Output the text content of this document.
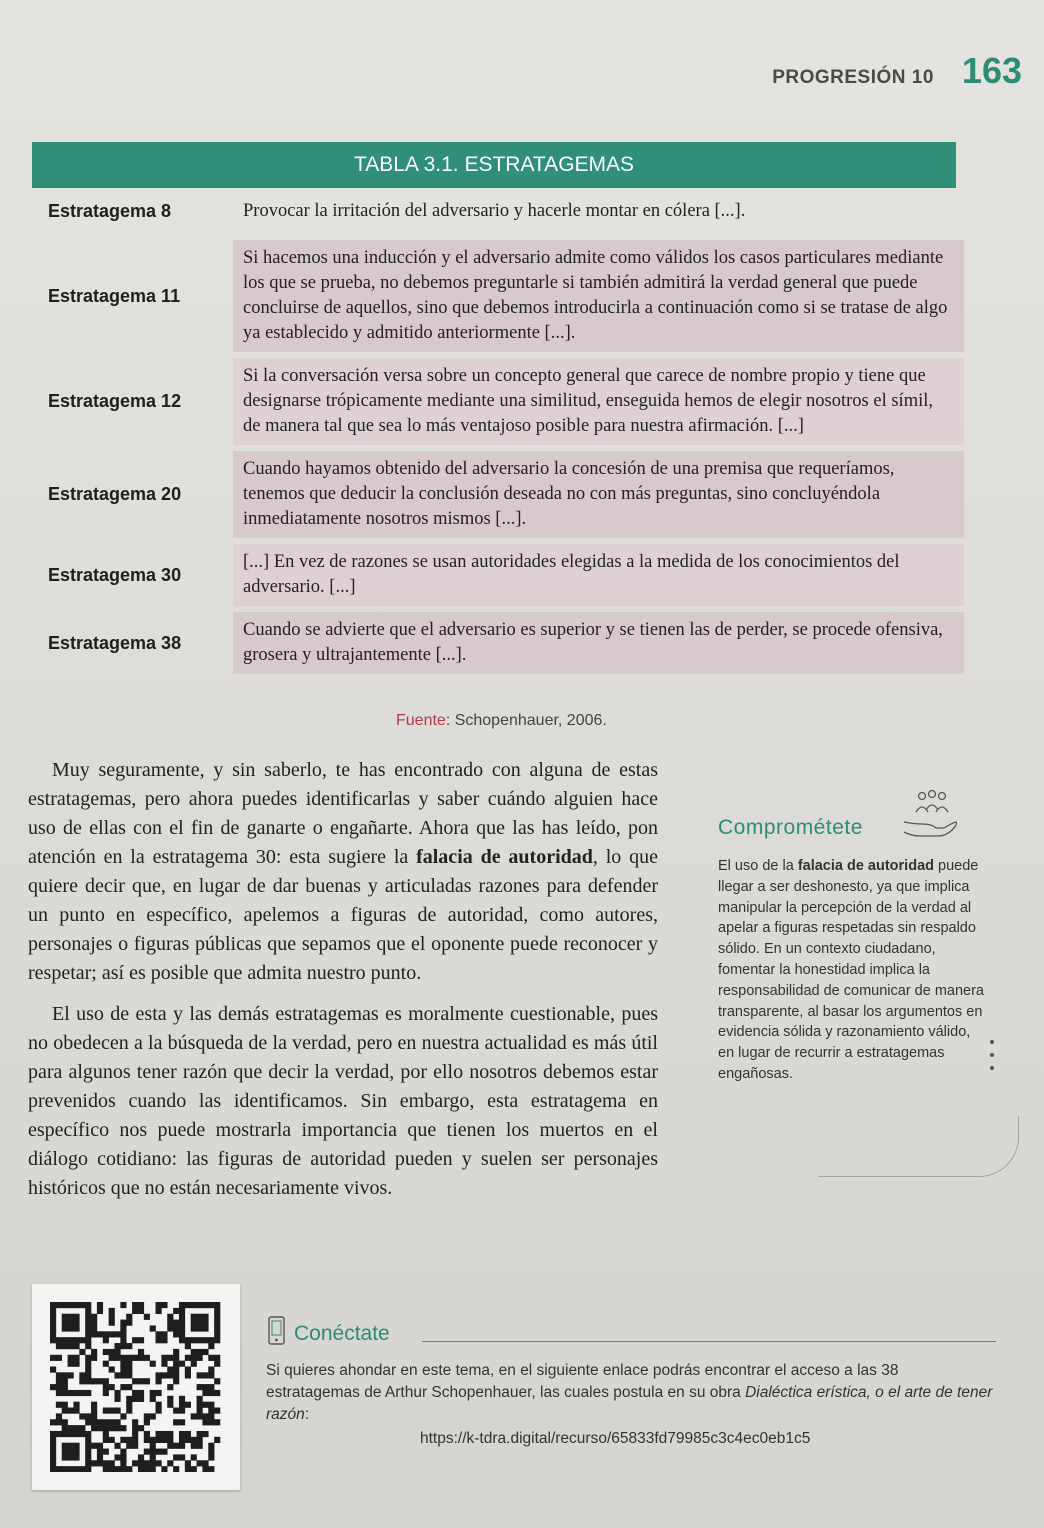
PROGRESIÓN 10 163
TABLA 3.1. ESTRATAGEMAS
Estratagema 8	Provocar la irritación del adversario y hacerle montar en cólera [...].
Estratagema 11
Si hacemos una inducción y el adversario admite como válidos los casos particulares mediante los que se prueba, no debemos preguntarle si también admitirá la verdad general que puede concluirse de aquellos, sino que debemos introducirla a continuación como si se tratase de algo ya establecido y admitido anteriormente [...].
Estratagema 12
Si la conversación versa sobre un concepto general que carece de nombre propio y tiene que designarse trópicamente mediante una similitud, enseguida hemos de elegir nosotros el símil, de manera tal que sea lo más ventajoso posible para nuestra afirmación. [...]
Estratagema 20
Cuando hayamos obtenido del adversario la concesión de una premisa que requeríamos, tenemos que deducir la conclusión deseada no con más preguntas, sino concluyéndola inmediatamente nosotros mismos [...].
Estratagema 30
[...] En vez de razones se usan autoridades elegidas a la medida de los conocimientos del adversario. [...]
Estratagema 38
Cuando se advierte que el adversario es superior y se tienen las de perder, se procede ofensiva, grosera y ultrajantemente [...].
Fuente: Schopenhauer, 2006.

Muy seguramente, y sin saberlo, te has encontrado con alguna de estas estratagemas, pero ahora puedes identificarlas y saber cuándo alguien hace uso de ellas con el fin de ganarte o engañarte. Ahora que las has leído, pon atención en la estratagema 30: esta sugiere la falacia de autoridad, lo que quiere decir que, en lugar de dar buenas y articuladas razones para defender un punto en específico, apelemos a figuras de autoridad, como autores, personajes o figuras públicas que sepamos que el oponente puede reconocer y respetar; así es posible que admita nuestro punto.

El uso de esta y las demás estratagemas es moralmente cuestionable, pues no obedecen a la búsqueda de la verdad, pero en nuestra actualidad es más útil para algunos tener razón que decir la verdad, por ello nosotros debemos estar prevenidos cuando las identificamos. Sin embargo, esta estratagema en específico nos puede mostrarla importancia que tienen los muertos en el diálogo cotidiano: las figuras de autoridad pueden y suelen ser personajes históricos que no están necesariamente vivos.

Comprométete
El uso de la falacia de autoridad puede llegar a ser deshonesto, ya que implica manipular la percepción de la verdad al apelar a figuras respetadas sin respaldo sólido. En un contexto ciudadano, fomentar la honestidad implica la responsabilidad de comunicar de manera transparente, al basar los argumentos en evidencia sólida y razonamiento válido, en lugar de recurrir a estratagemas engañosas.
Conéctate
Si quieres ahondar en este tema, en el siguiente enlace podrás encontrar el acceso a las 38 estratagemas de Arthur Schopenhauer, las cuales postula en su obra Dialéctica erística, o el arte de tener razón:
https://k-tdra.digital/recurso/65833fd79985c3c4ec0eb1c5
